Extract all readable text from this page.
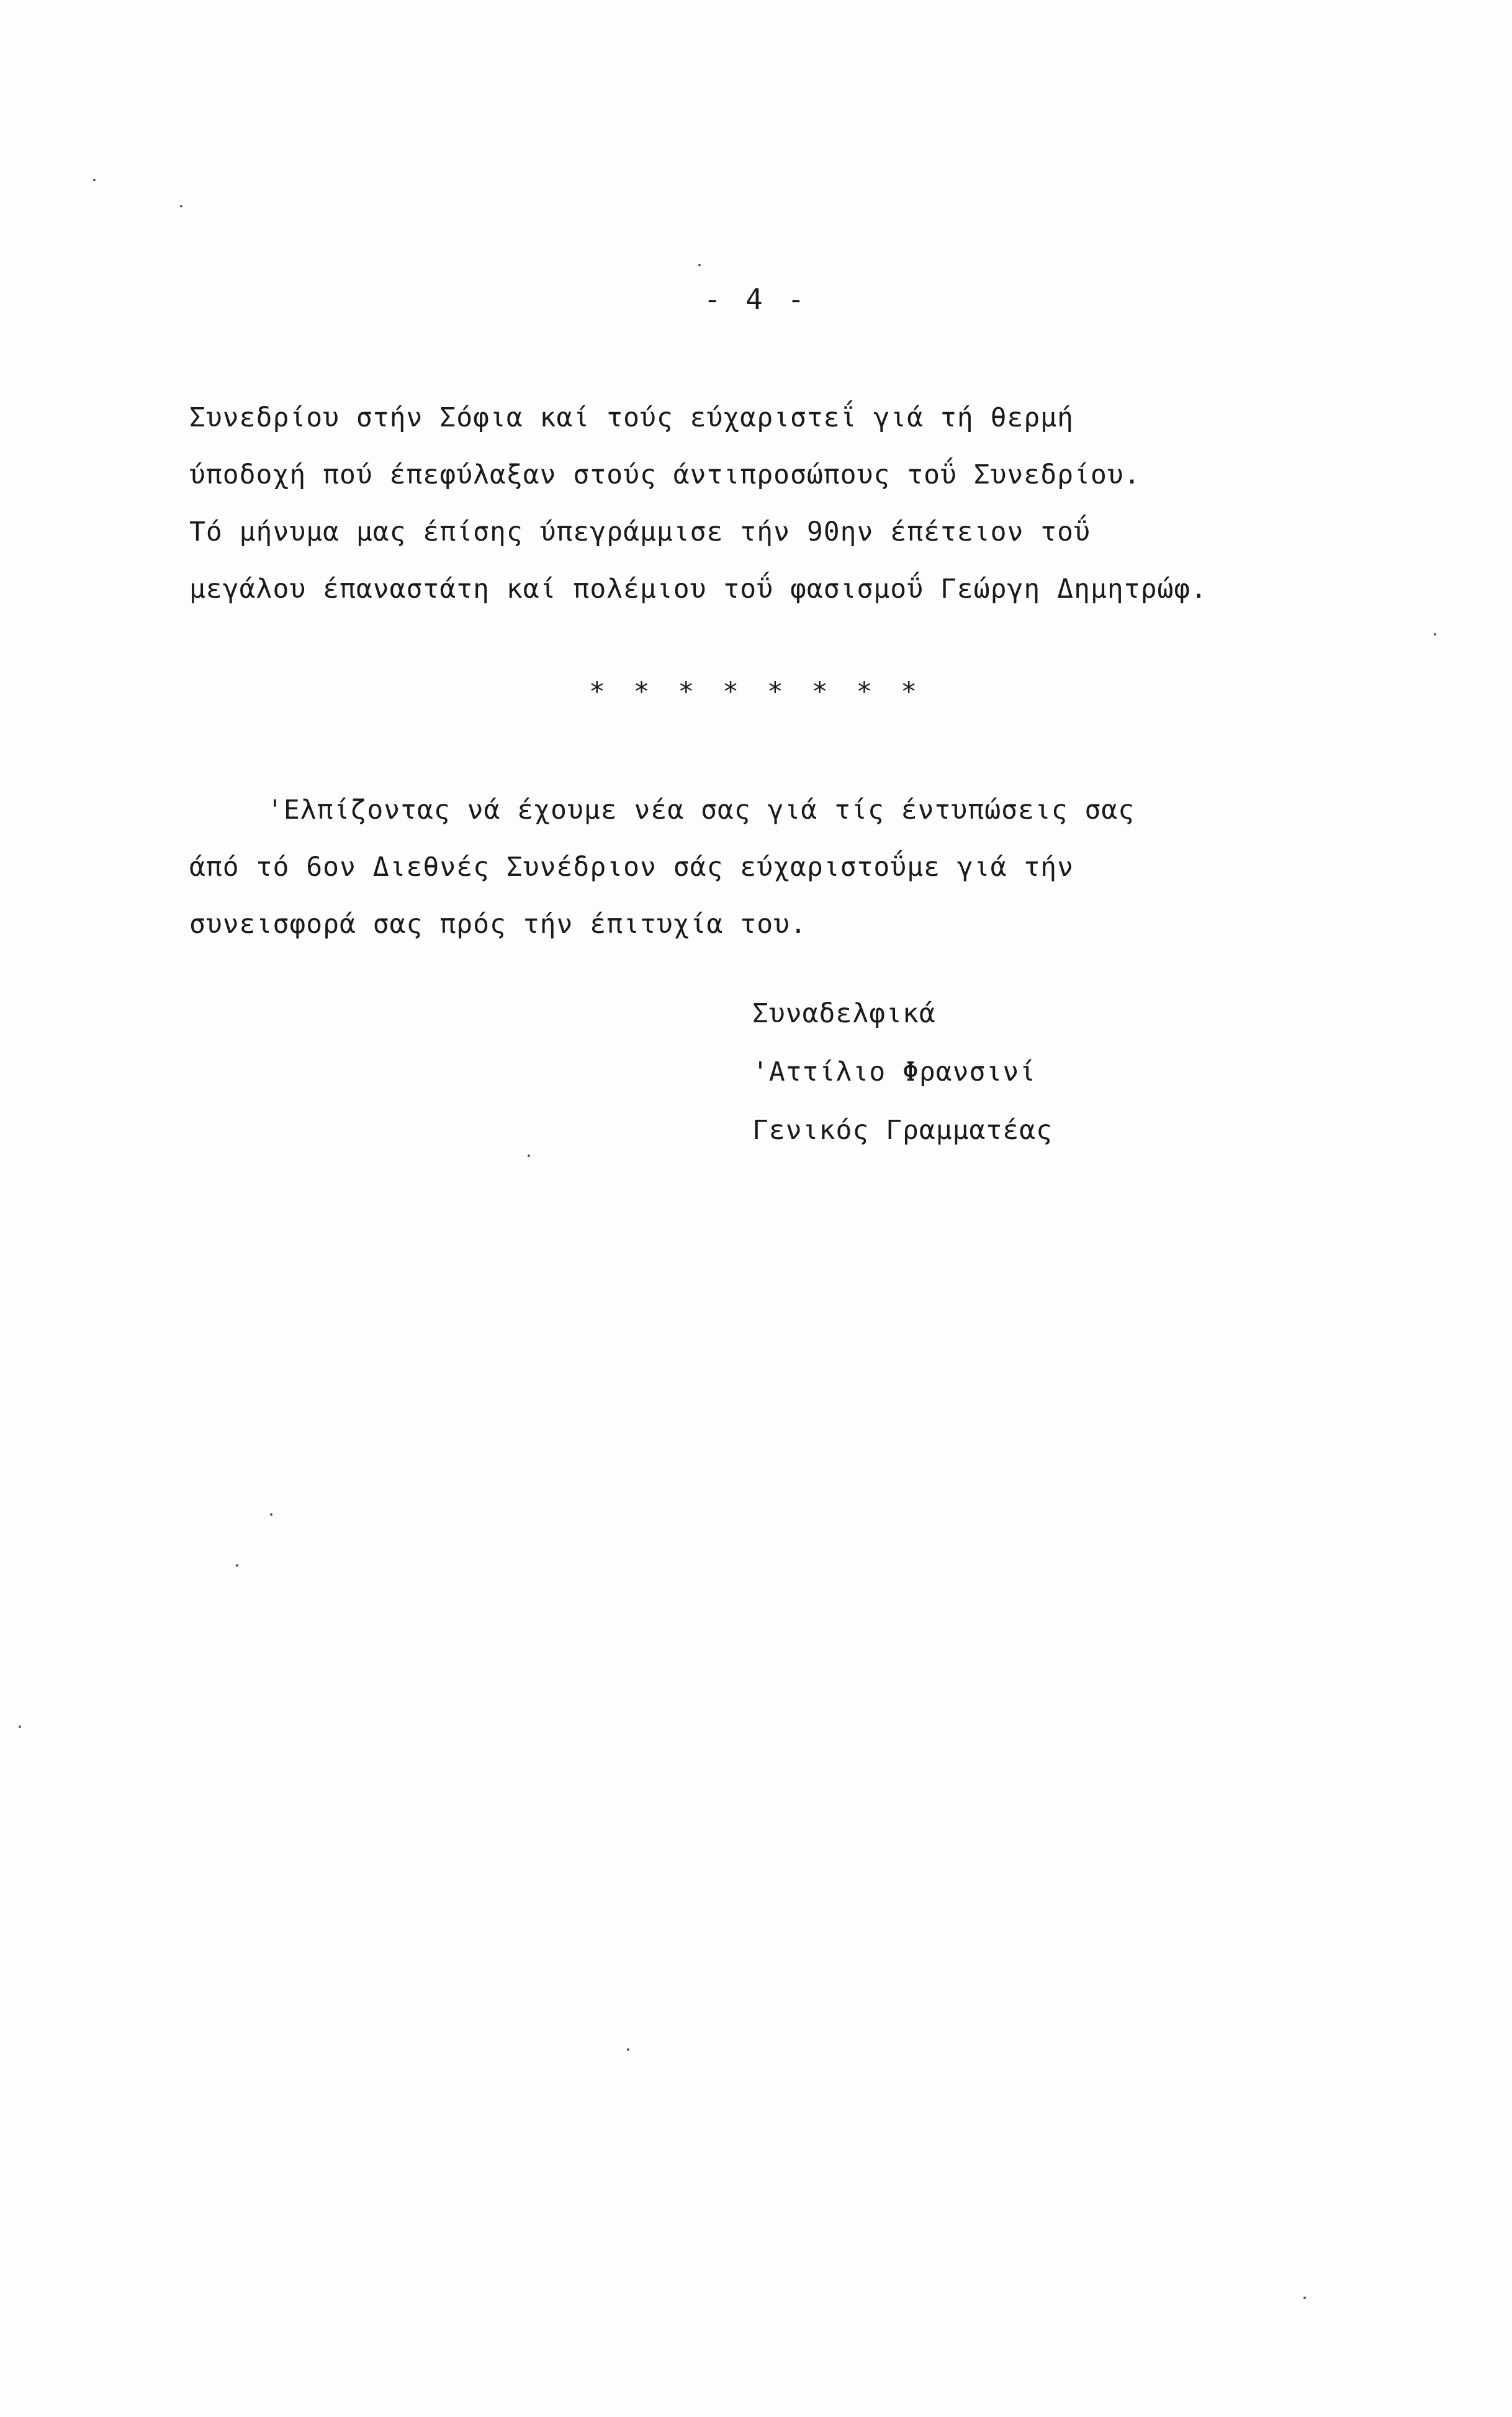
- 4 -
Συνεδρίου στήν Σόφια καί τούς εύχαριστεΐ γιά τή θερμή
ύποδοχή πού έπεφύλαξαν στούς άντιπροσώπους τοΰ Συνεδρίου.
Τό μήνυμα μας έπίσης ύπεγράμμισε τήν 90ην έπέτειον τοΰ
μεγάλου έπαναστάτη καί πολέμιου τοΰ φασισμοΰ Γεώργη Δημητρώφ.
* * * * * * * *
'Ελπίζοντας νά έχουμε νέα σας γιά τίς έντυπώσεις σας
άπό τό 6ον Διεθνές Συνέδριον σάς εύχαριστοΰμε γιά τήν
συνεισφορά σας πρός τήν έπιτυχία του.
Συναδελφικά
'Αττίλιο Φρανσινί
Γενικός Γραμματέας
